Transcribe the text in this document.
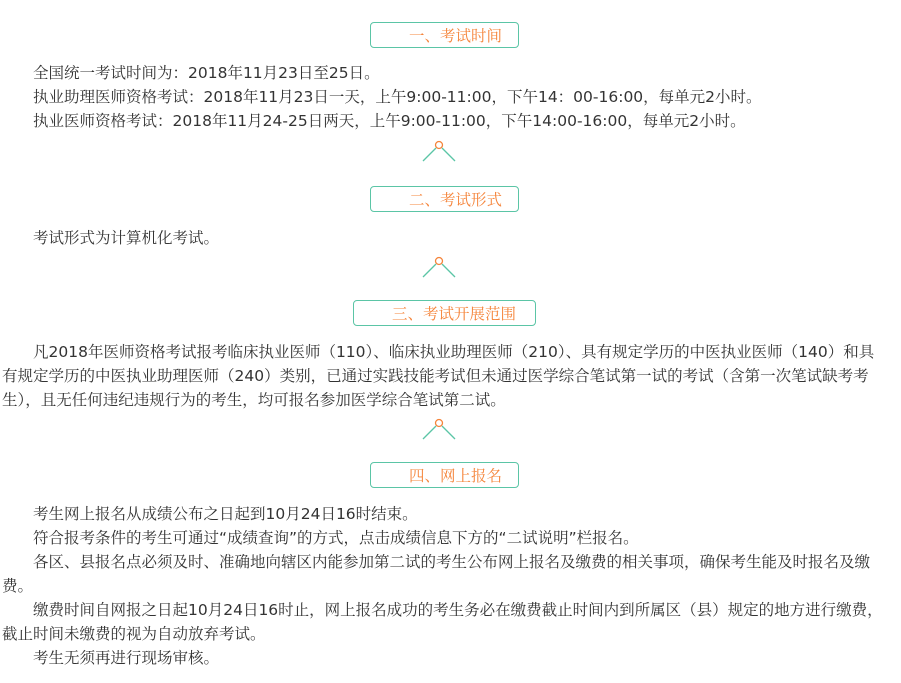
一、考试时间

全国统一考试时间为：2018年11月23日至25日。

执业助理医师资格考试：2018年11月23日一天，上午9:00-11:00，下午14：00-16:00，每单元2小时。

执业医师资格考试：2018年11月24-25日两天，上午9:00-11:00，下午14:00-16:00，每单元2小时。

二、考试形式

考试形式为计算机化考试。

三、考试开展范围

凡2018年医师资格考试报考临床执业医师（110）、临床执业助理医师（210）、具有规定学历的中医执业医师（140）和具有规定学历的中医执业助理医师（240）类别，已通过实践技能考试但未通过医学综合笔试第一试的考试（含第一次笔试缺考考生），且无任何违纪违规行为的考生，均可报名参加医学综合笔试第二试。

四、网上报名

考生网上报名从成绩公布之日起到10月24日16时结束。

符合报考条件的考生可通过“成绩查询”的方式，点击成绩信息下方的“二试说明”栏报名。

各区、县报名点必须及时、准确地向辖区内能参加第二试的考生公布网上报名及缴费的相关事项，确保考生能及时报名及缴费。

缴费时间自网报之日起10月24日16时止，网上报名成功的考生务必在缴费截止时间内到所属区（县）规定的地方进行缴费，截止时间未缴费的视为自动放弃考试。

考生无须再进行现场审核。
